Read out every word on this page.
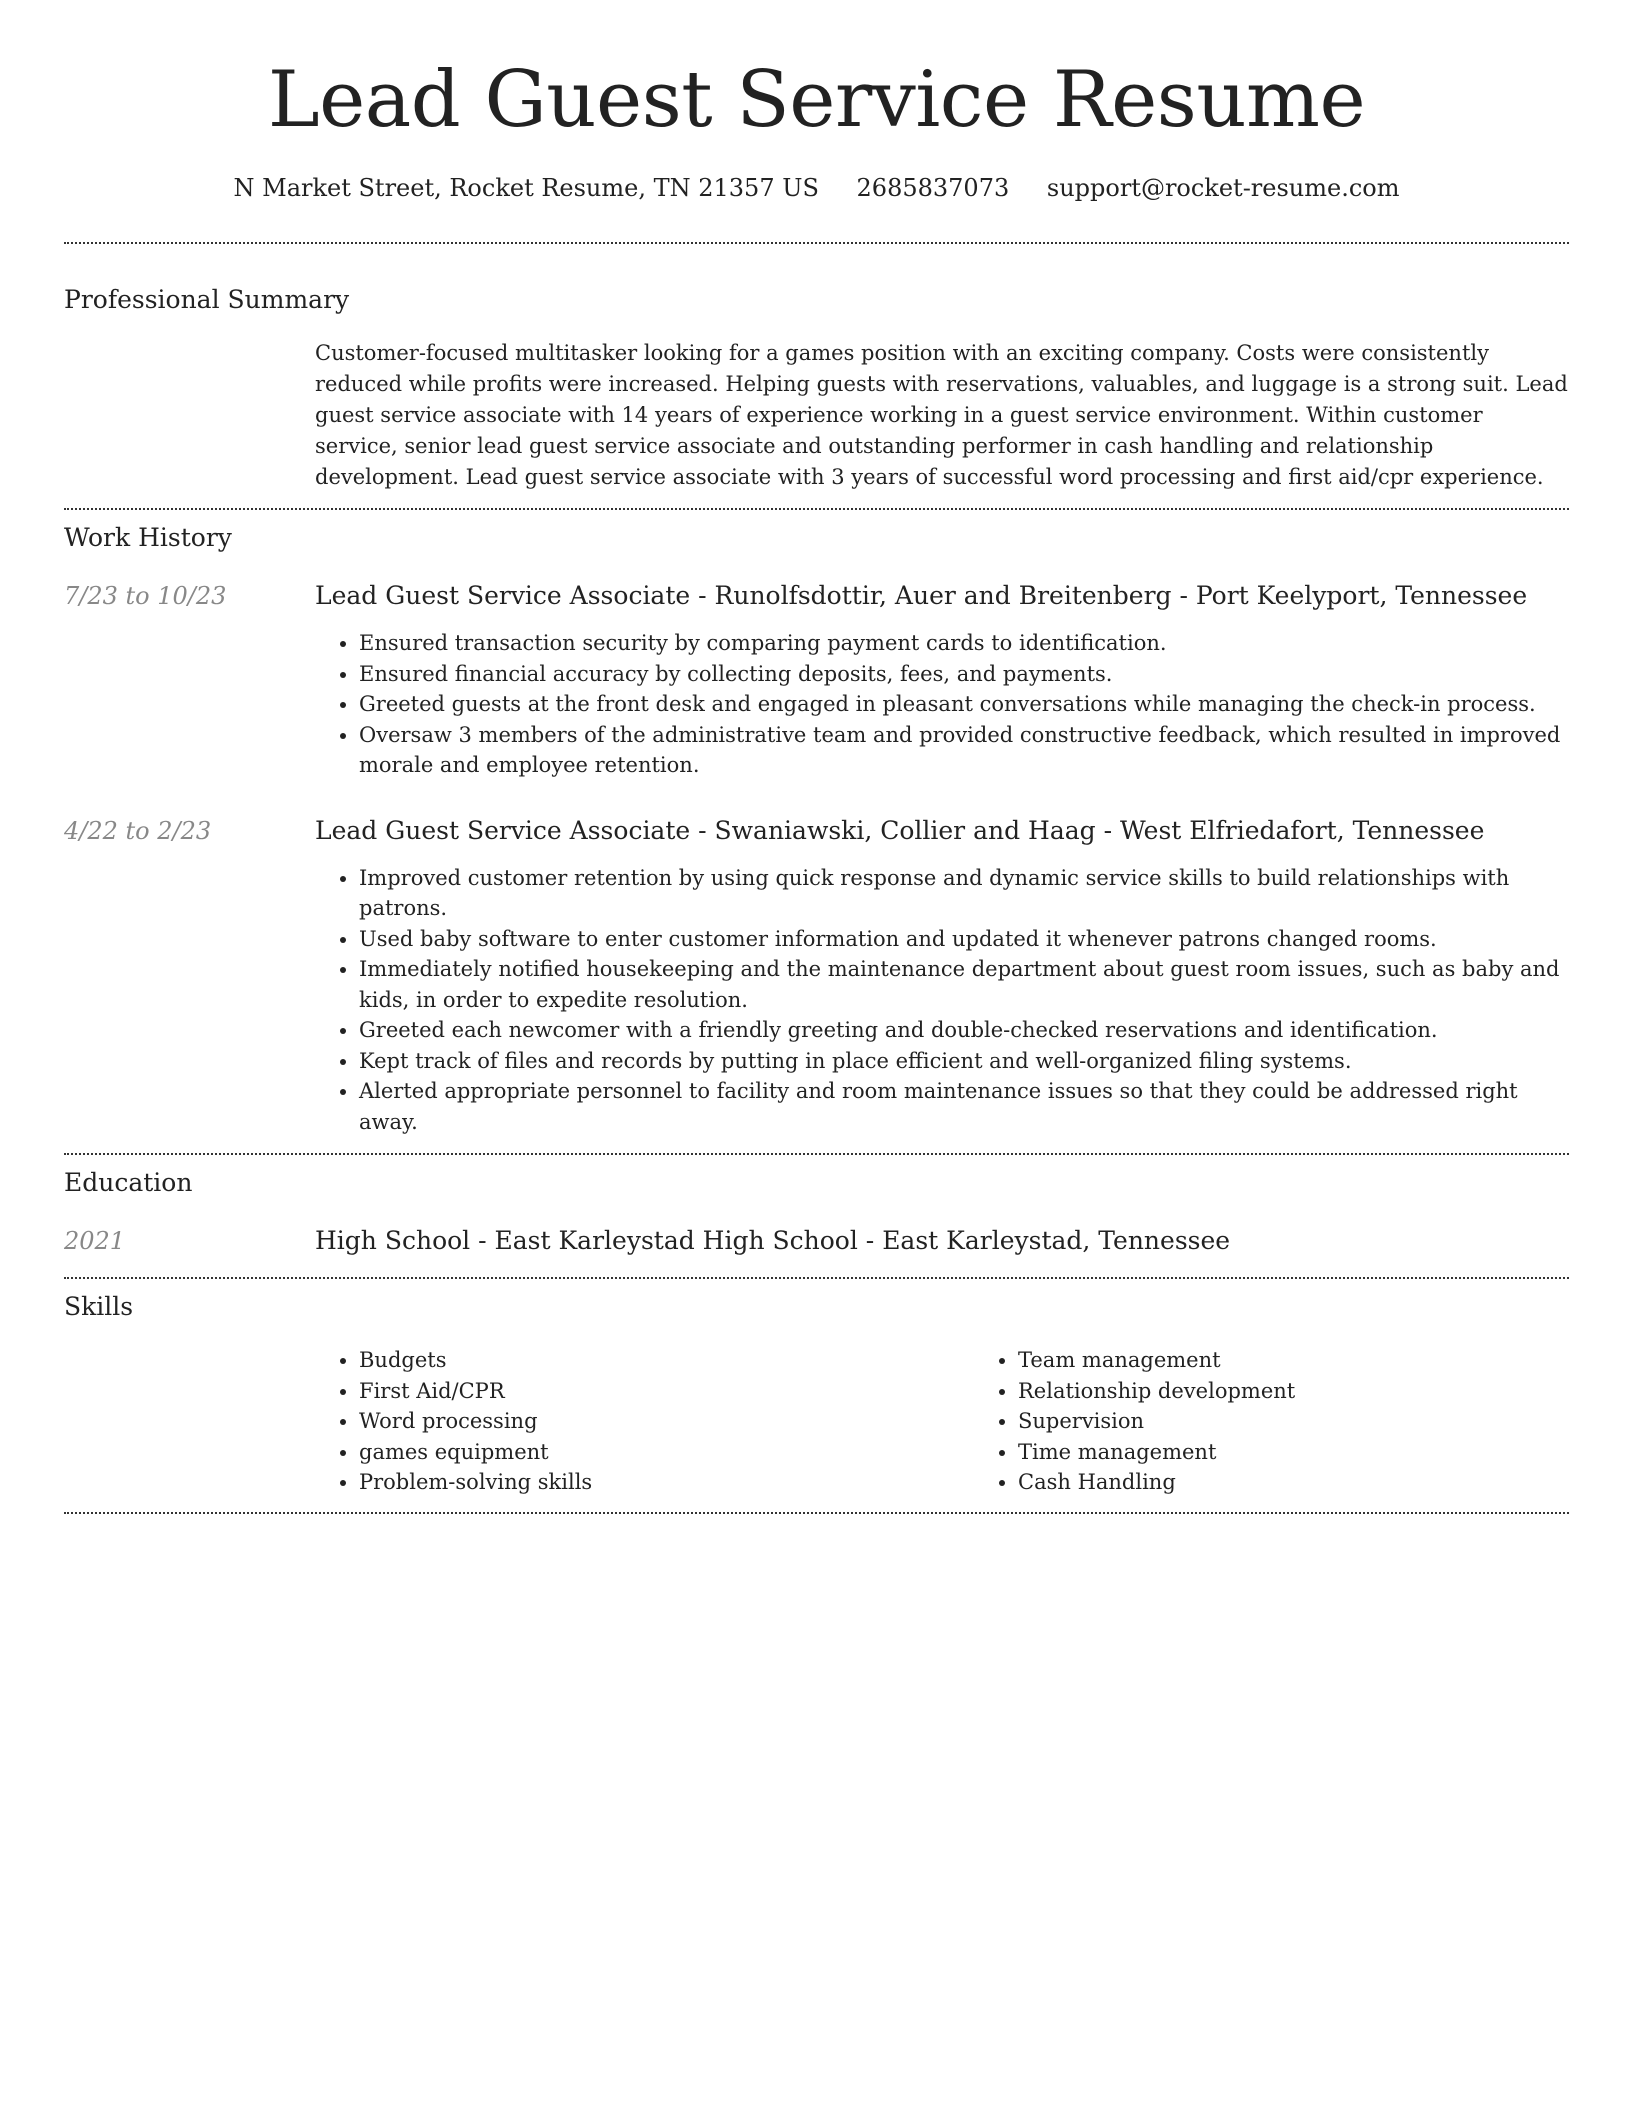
Lead Guest Service Resume
N Market Street, Rocket Resume, TN 21357 US 2685837073 support@rocket-resume.com
Professional Summary

Customer-focused multitasker looking for a games position with an exciting company. Costs were consistently reduced while profits were increased. Helping guests with reservations, valuables, and luggage is a strong suit. Lead guest service associate with 14 years of experience working in a guest service environment. Within customer service, senior lead guest service associate and outstanding performer in cash handling and relationship development. Lead guest service associate with 3 years of successful word processing and first aid/cpr experience.

Work History
7/23 to 10/23	Lead Guest Service Associate - Runolfsdottir, Auer and Breitenberg - Port Keelyport, Tennessee
• Ensured transaction security by comparing payment cards to identification.
• Ensured financial accuracy by collecting deposits, fees, and payments.
• Greeted guests at the front desk and engaged in pleasant conversations while managing the check-in process.
• Oversaw 3 members of the administrative team and provided constructive feedback, which resulted in improved morale and employee retention.
4/22 to 2/23	Lead Guest Service Associate - Swaniawski, Collier and Haag - West Elfriedafort, Tennessee
• Improved customer retention by using quick response and dynamic service skills to build relationships with patrons.
• Used baby software to enter customer information and updated it whenever patrons changed rooms.
• Immediately notified housekeeping and the maintenance department about guest room issues, such as baby and kids, in order to expedite resolution.
• Greeted each newcomer with a friendly greeting and double-checked reservations and identification.
• Kept track of files and records by putting in place efficient and well-organized filing systems.
• Alerted appropriate personnel to facility and room maintenance issues so that they could be addressed right away.
Education
2021	High School - East Karleystad High School - East Karleystad, Tennessee
Skills
• Budgets
• First Aid/CPR
• Word processing
• games equipment
• Problem-solving skills
• Team management
• Relationship development
• Supervision
• Time management
• Cash Handling
